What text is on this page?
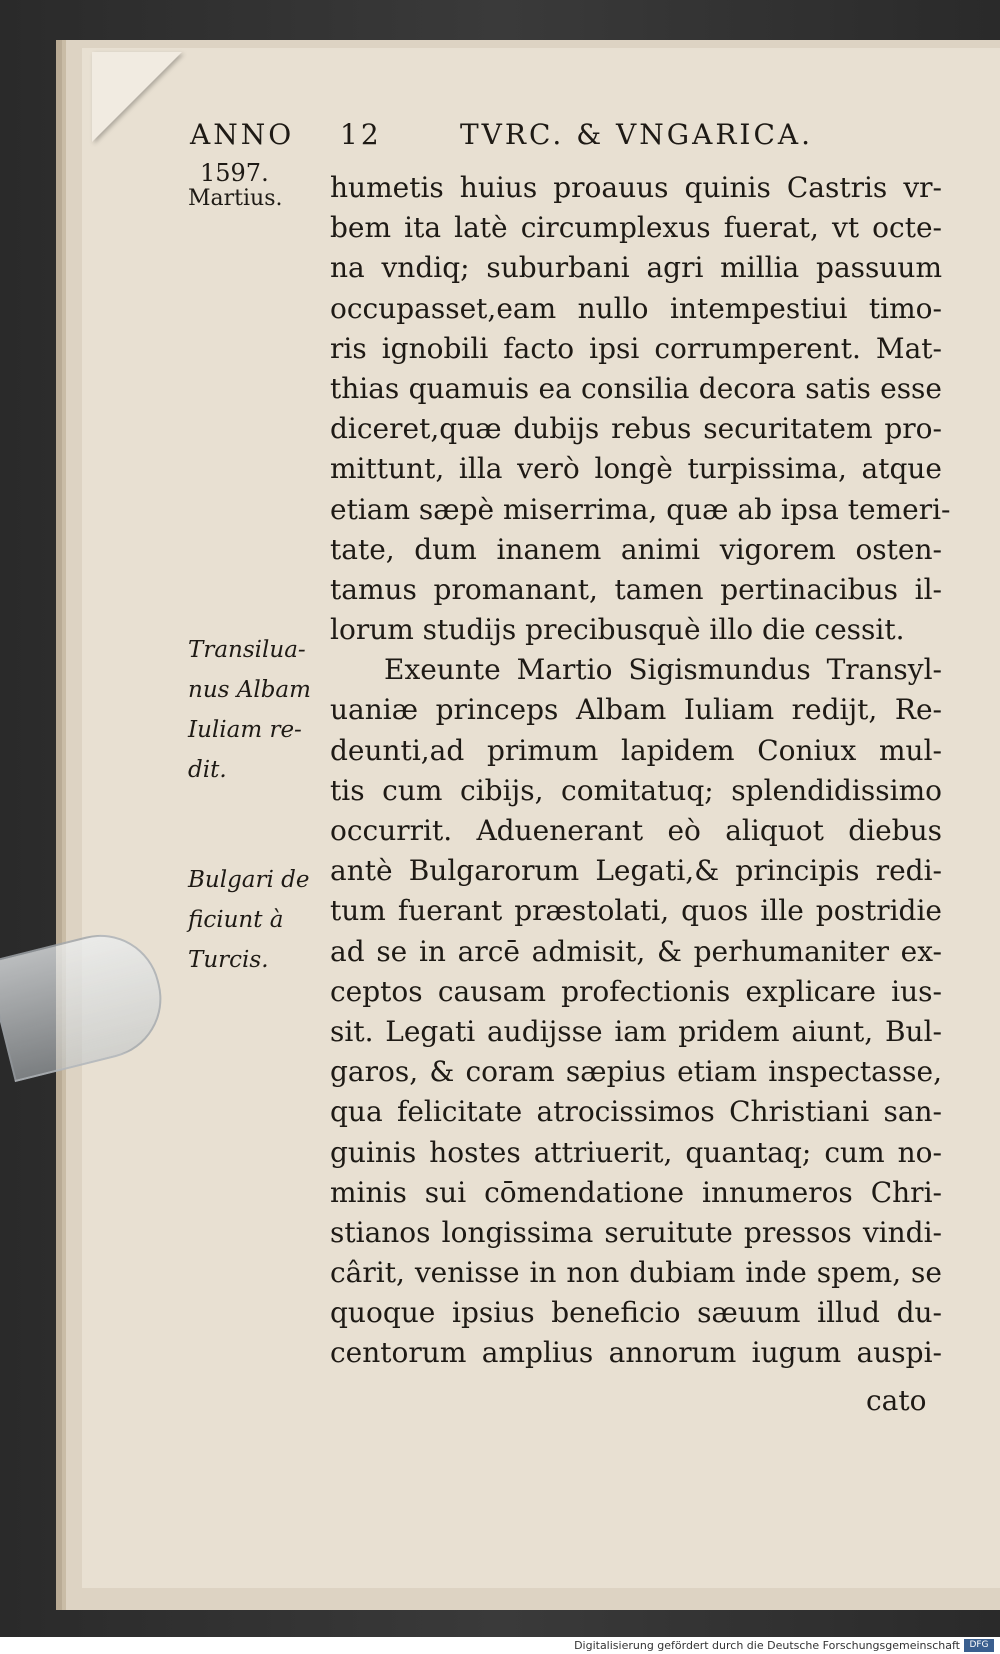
ANNO 12	TVRC. & VNGARICA.
1597.
Martius.
Transilua-
nus Albam
Iuliam re-
dit.
Bulgari de
ficiunt à
Turcis.
humetis huius proauus quinis Castris vr-
bem ita latè circumplexus fuerat, vt octe-
na vndiq; suburbani agri millia passuum
occupasset,eam nullo intempestiui timo-
ris ignobili facto ipsi corrumperent. Mat-
thias quamuis ea consilia decora satis esse
diceret,quæ dubijs rebus securitatem pro-
mittunt, illa verò longè turpissima, atque
etiam sæpè miserrima, quæ ab ipsa temeri-
tate, dum inanem animi vigorem osten-
tamus promanant, tamen pertinacibus il-
lorum studijs precibusquè illo die cessit.
Exeunte Martio Sigismundus Transyl-
uaniæ princeps Albam Iuliam redijt, Re-
deunti,ad primum lapidem Coniux mul-
tis cum cibijs, comitatuq; splendidissimo
occurrit. Aduenerant eò aliquot diebus
antè Bulgarorum Legati,& principis redi-
tum fuerant præstolati, quos ille postridie
ad se in arcē admisit, & perhumaniter ex-
ceptos causam profectionis explicare ius-
sit. Legati audijsse iam pridem aiunt, Bul-
garos, & coram sæpius etiam inspectasse,
qua felicitate atrocissimos Christiani san-
guinis hostes attriuerit, quantaq; cum no-
minis sui cōmendatione innumeros Chri-
stianos longissima seruitute pressos vindi-
cârit, venisse in non dubiam inde spem, se
quoque ipsius beneficio sæuum illud du-
centorum amplius annorum iugum auspi-
cato
Digitalisierung gefördert durch die Deutsche Forschungsgemeinschaft	DFG
